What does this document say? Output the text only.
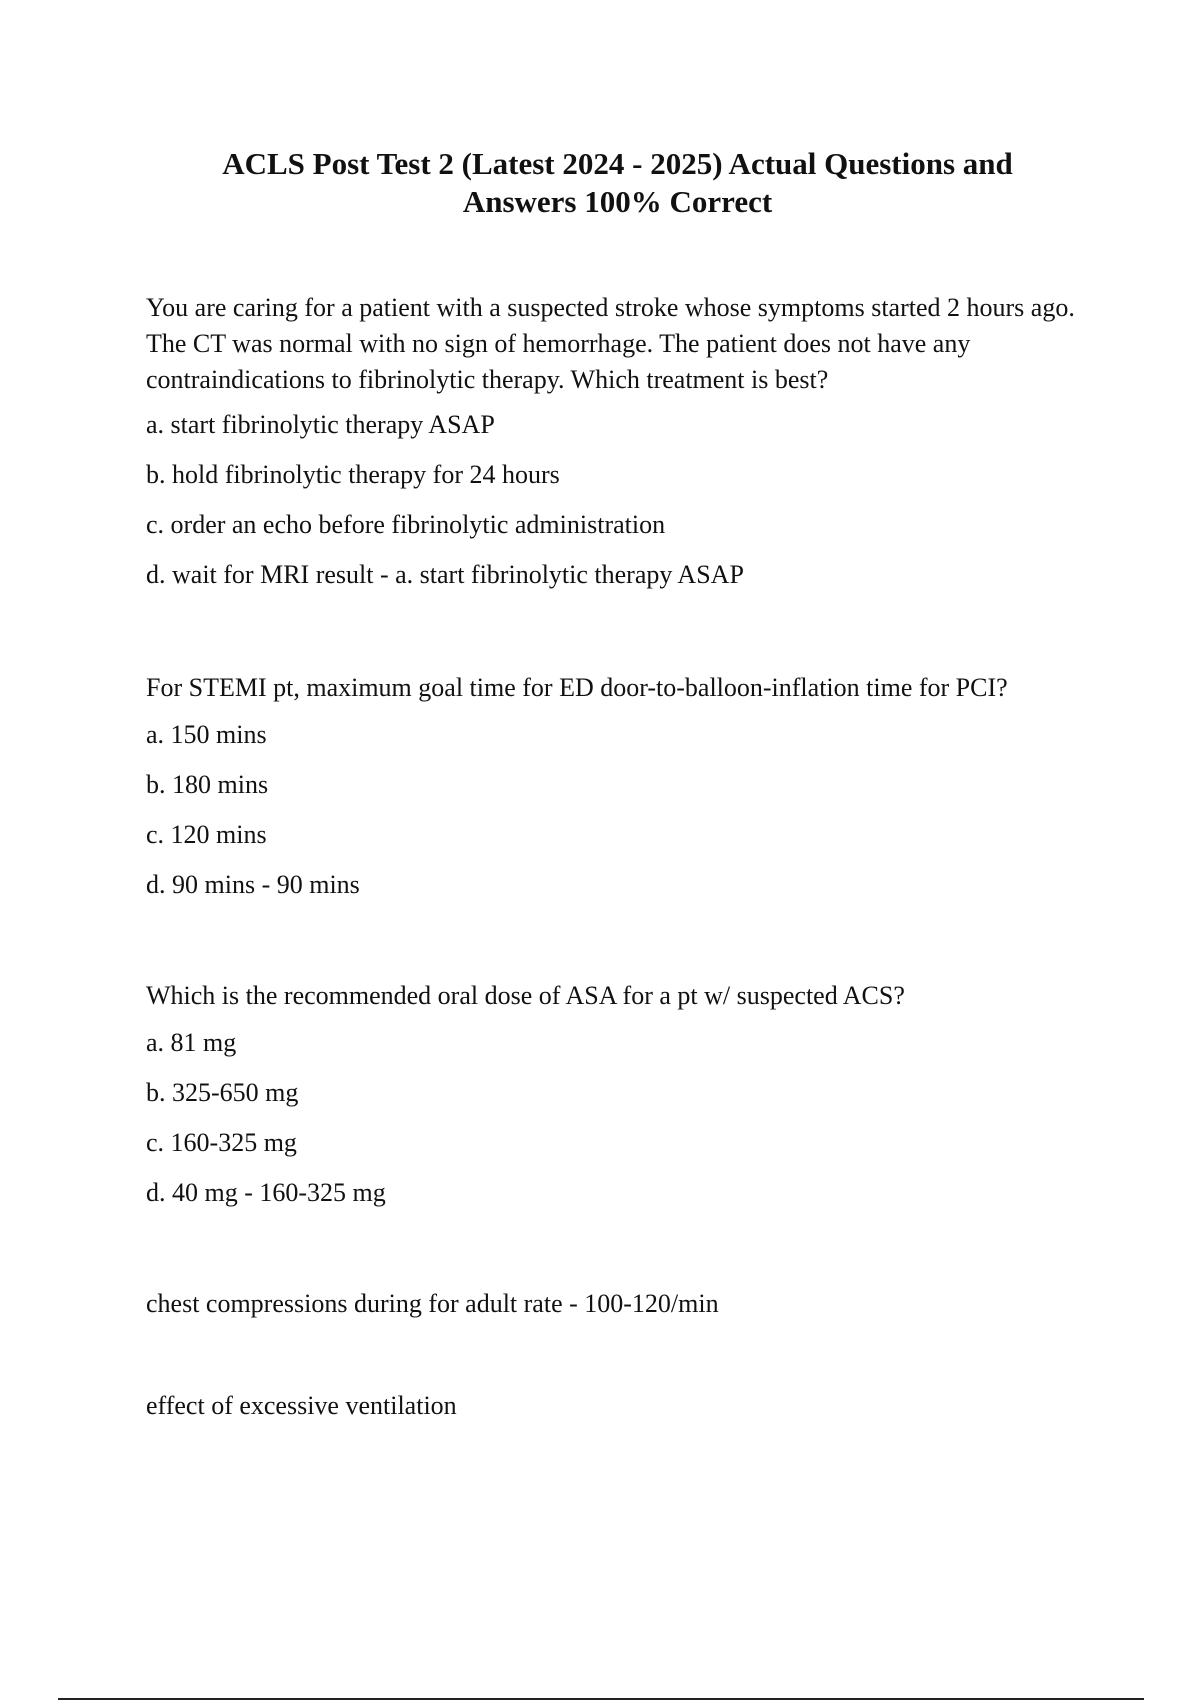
ACLS Post Test 2 (Latest 2024 - 2025) Actual Questions and
Answers 100% Correct

You are caring for a patient with a suspected stroke whose symptoms started 2 hours ago. The CT was normal with no sign of hemorrhage. The patient does not have any contraindications to fibrinolytic therapy. Which treatment is best?

a. start fibrinolytic therapy ASAP

b. hold fibrinolytic therapy for 24 hours

c. order an echo before fibrinolytic administration

d. wait for MRI result - a. start fibrinolytic therapy ASAP

For STEMI pt, maximum goal time for ED door-to-balloon-inflation time for PCI?

a. 150 mins

b. 180 mins

c. 120 mins

d. 90 mins - 90 mins

Which is the recommended oral dose of ASA for a pt w/ suspected ACS?

a. 81 mg

b. 325-650 mg

c. 160-325 mg

d. 40 mg - 160-325 mg

chest compressions during for adult rate - 100-120/min

effect of excessive ventilation
